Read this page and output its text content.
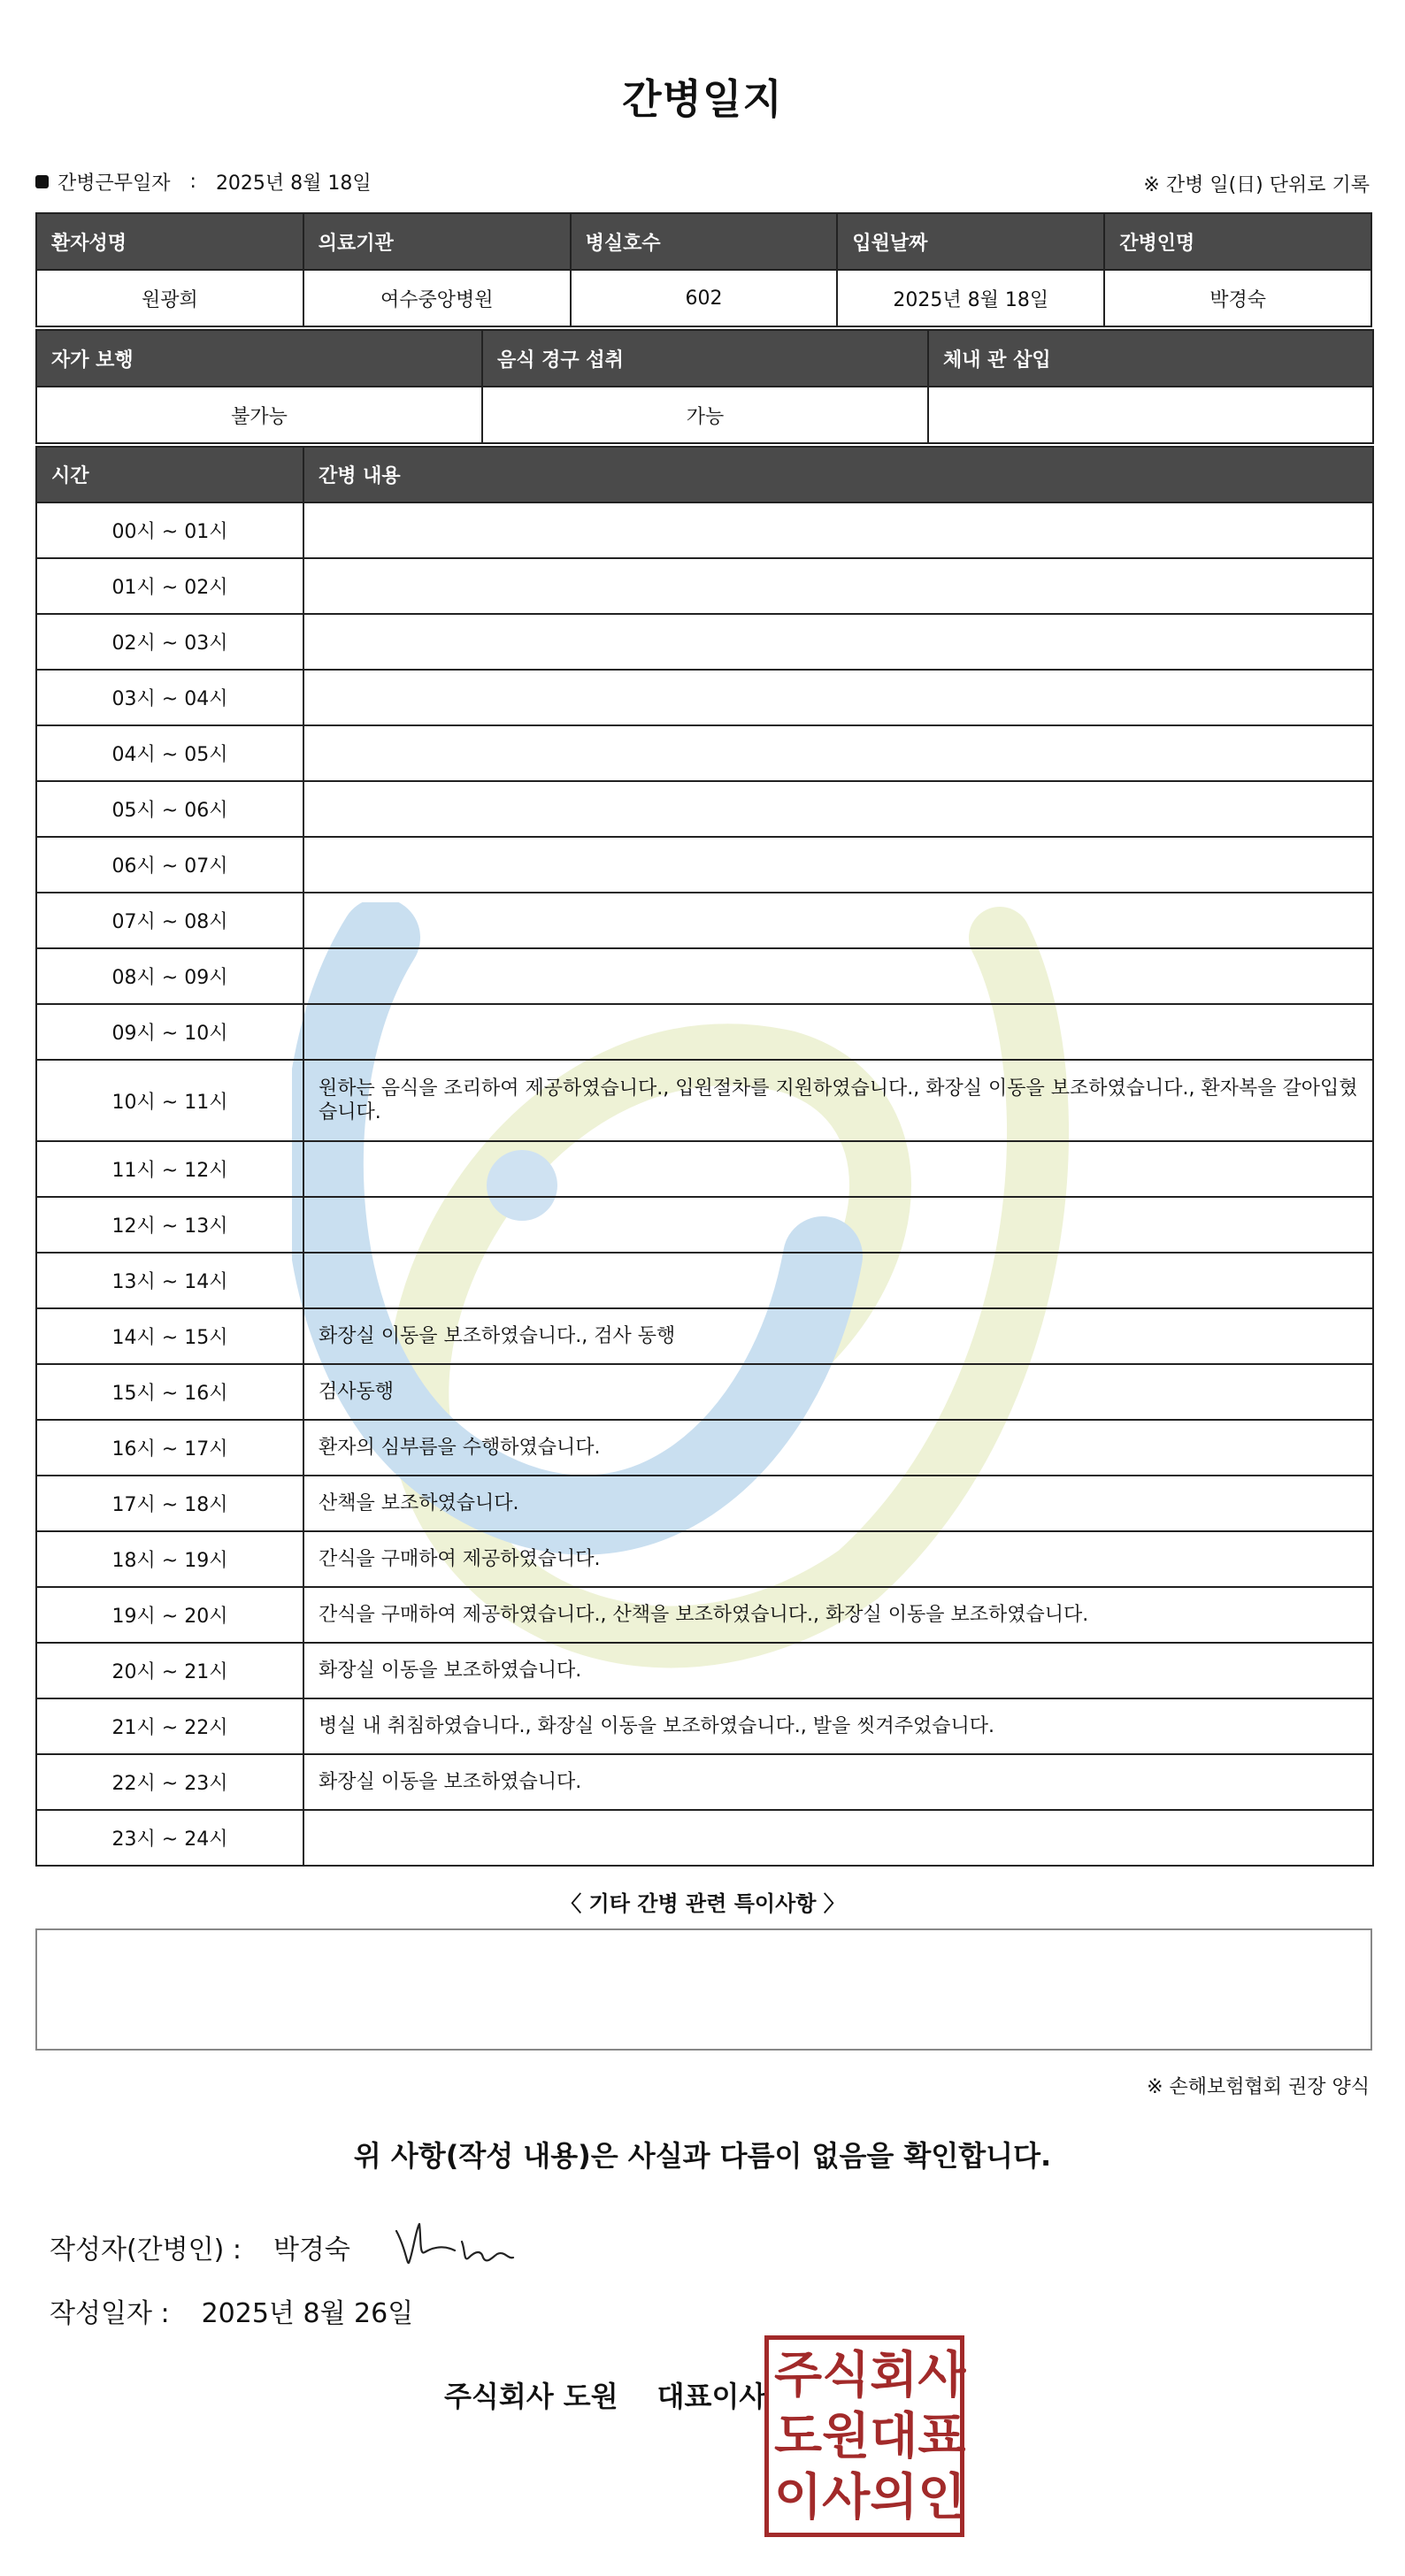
간병일지
간병근무일자 : 2025년 8월 18일	※ 간병 일(日) 단위로 기록
환자성명	의료기관	병실호수	입원날짜	간병인명
원광희	여수중앙병원	602	2025년 8월 18일	박경숙
자가 보행	음식 경구 섭취	체내 관 삽입
불가능	가능	
시간	간병 내용
00시 ~ 01시	
01시 ~ 02시	
02시 ~ 03시	
03시 ~ 04시	
04시 ~ 05시	
05시 ~ 06시	
06시 ~ 07시	
07시 ~ 08시	
08시 ~ 09시	
09시 ~ 10시	
10시 ~ 11시	원하는 음식을 조리하여 제공하였습니다., 입원절차를 지원하였습니다., 화장실 이동을 보조하였습니다., 환자복을 갈아입혔습니다.
11시 ~ 12시	
12시 ~ 13시	
13시 ~ 14시	
14시 ~ 15시	화장실 이동을 보조하였습니다., 검사 동행
15시 ~ 16시	검사동행
16시 ~ 17시	환자의 심부름을 수행하였습니다.
17시 ~ 18시	산책을 보조하였습니다.
18시 ~ 19시	간식을 구매하여 제공하였습니다.
19시 ~ 20시	간식을 구매하여 제공하였습니다., 산책을 보조하였습니다., 화장실 이동을 보조하였습니다.
20시 ~ 21시	화장실 이동을 보조하였습니다.
21시 ~ 22시	병실 내 취침하였습니다., 화장실 이동을 보조하였습니다., 발을 씻겨주었습니다.
22시 ~ 23시	화장실 이동을 보조하였습니다.
23시 ~ 24시	
〈 기타 간병 관련 특이사항 〉
※ 손해보험협회 권장 양식
위 사항(작성 내용)은 사실과 다름이 없음을 확인합니다.
작성자(간병인) : 박경숙
작성일자 : 2025년 8월 26일
주식회사 도원 대표이사 주 식 회 사
도 원 대 표
이 사 의 인
